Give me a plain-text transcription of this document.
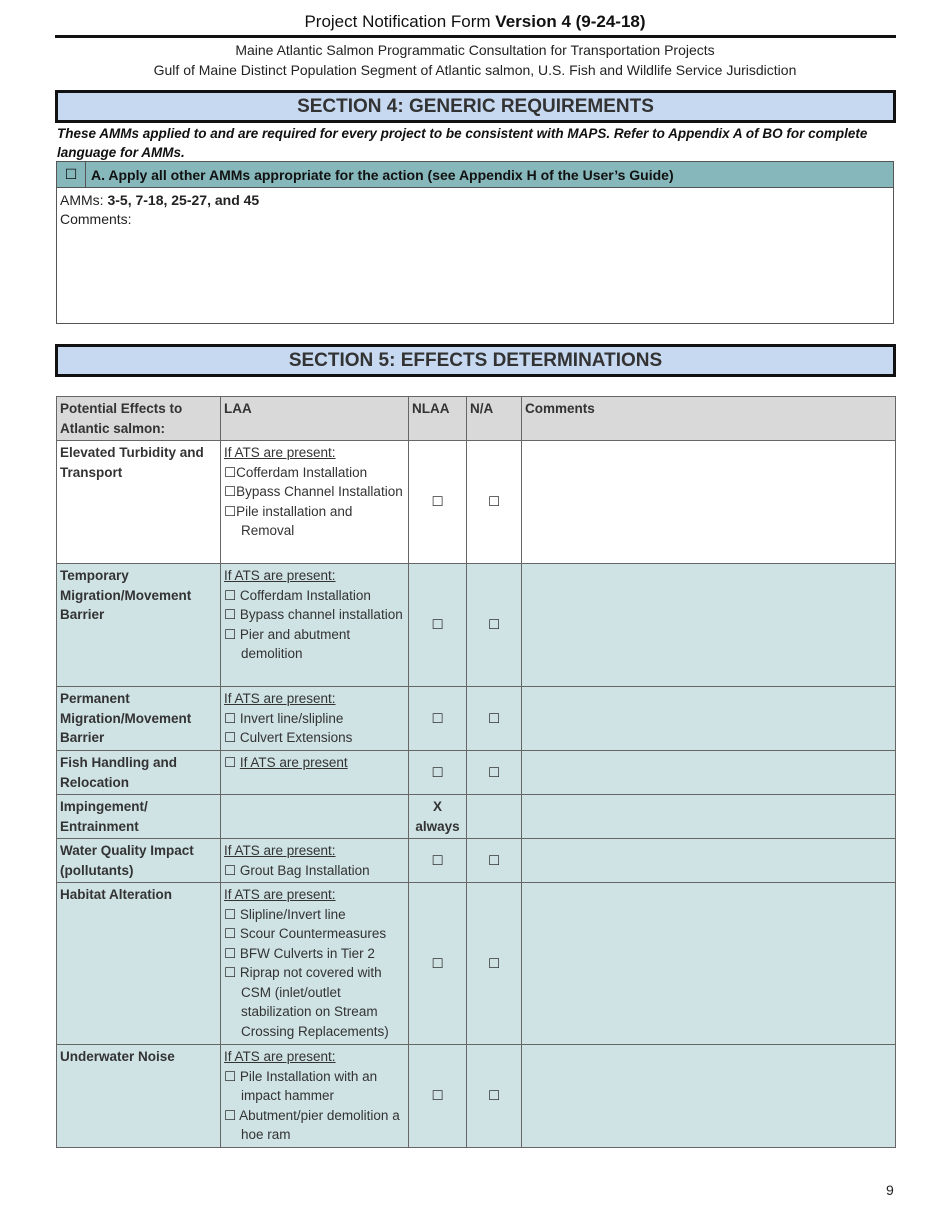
Project Notification Form Version 4 (9-24-18)
Maine Atlantic Salmon Programmatic Consultation for Transportation Projects
Gulf of Maine Distinct Population Segment of Atlantic salmon, U.S. Fish and Wildlife Service Jurisdiction
SECTION 4: GENERIC REQUIREMENTS
These AMMs applied to and are required for every project to be consistent with MAPS. Refer to Appendix A of BO for complete language for AMMs.
☐ A. Apply all other AMMs appropriate for the action (see Appendix H of the User’s Guide)
AMMs: 3-5, 7-18, 25-27, and 45
Comments:
SECTION 5: EFFECTS DETERMINATIONS
Potential Effects to Atlantic salmon:	LAA	NLAA	N/A	Comments
Elevated Turbidity and Transport	If ATS are present:
☐Cofferdam Installation
☐Bypass Channel Installation
☐Pile installation and Removal	☐	☐	
Temporary Migration/Movement Barrier	If ATS are present:
☐ Cofferdam Installation
☐ Bypass channel installation
☐ Pier and abutment demolition	☐	☐	
Permanent Migration/Movement Barrier	If ATS are present:
☐ Invert line/slipline
☐ Culvert Extensions	☐	☐	
Fish Handling and Relocation	☐ If ATS are present	☐	☐	
Impingement/ Entrainment		X
always		

Water Quality Impact (pollutants)	If ATS are present:
☐ Grout Bag Installation	☐	☐	
Habitat Alteration	If ATS are present:
☐ Slipline/Invert line
☐ Scour Countermeasures
☐ BFW Culverts in Tier 2
☐ Riprap not covered with CSM (inlet/outlet stabilization on Stream Crossing Replacements)	☐	☐	
Underwater Noise	If ATS are present:
☐ Pile Installation with an impact hammer
☐ Abutment/pier demolition a hoe ram	☐	☐	
9
